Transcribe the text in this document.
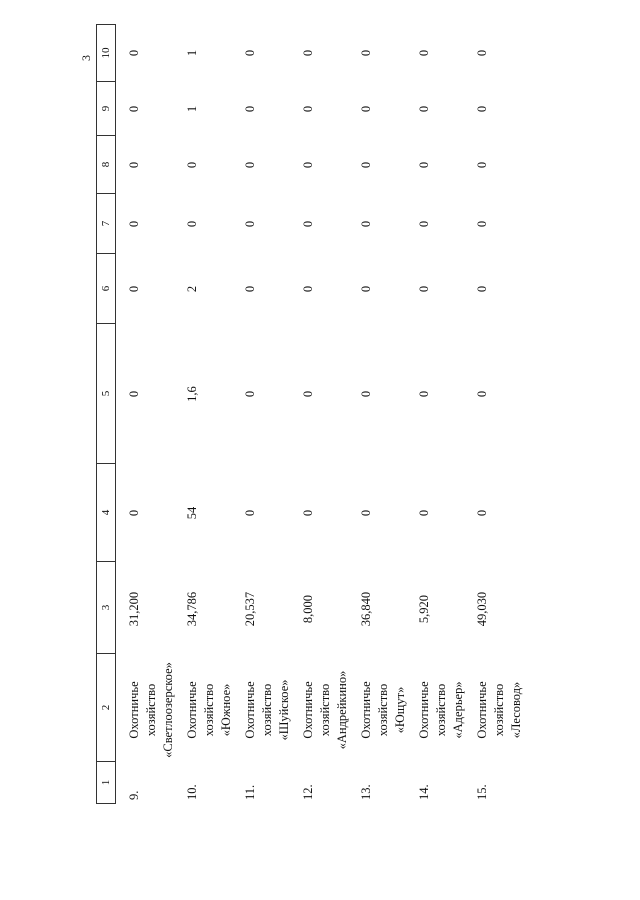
3
1
2
3
4
5
6
7
8
9
10
9.
Охотничье хозяйство «Светлоозерское»
31,200
0
0
0
0
0
0
0
10.
Охотничье хозяйство «Южное»
34,786
54
1,6
2
0
0
1
1
11.
Охотничье хозяйство «Шуйское»
20,537
0
0
0
0
0
0
0
12.
Охотничье хозяйство «Андрейкино»
8,000
0
0
0
0
0
0
0
13.
Охотничье хозяйство «Ющут»
36,840
0
0
0
0
0
0
0
14.
Охотничье хозяйство «Адерьер»
5,920
0
0
0
0
0
0
0
15.
Охотничье хозяйство «Лесовод»
49,030
0
0
0
0
0
0
0
